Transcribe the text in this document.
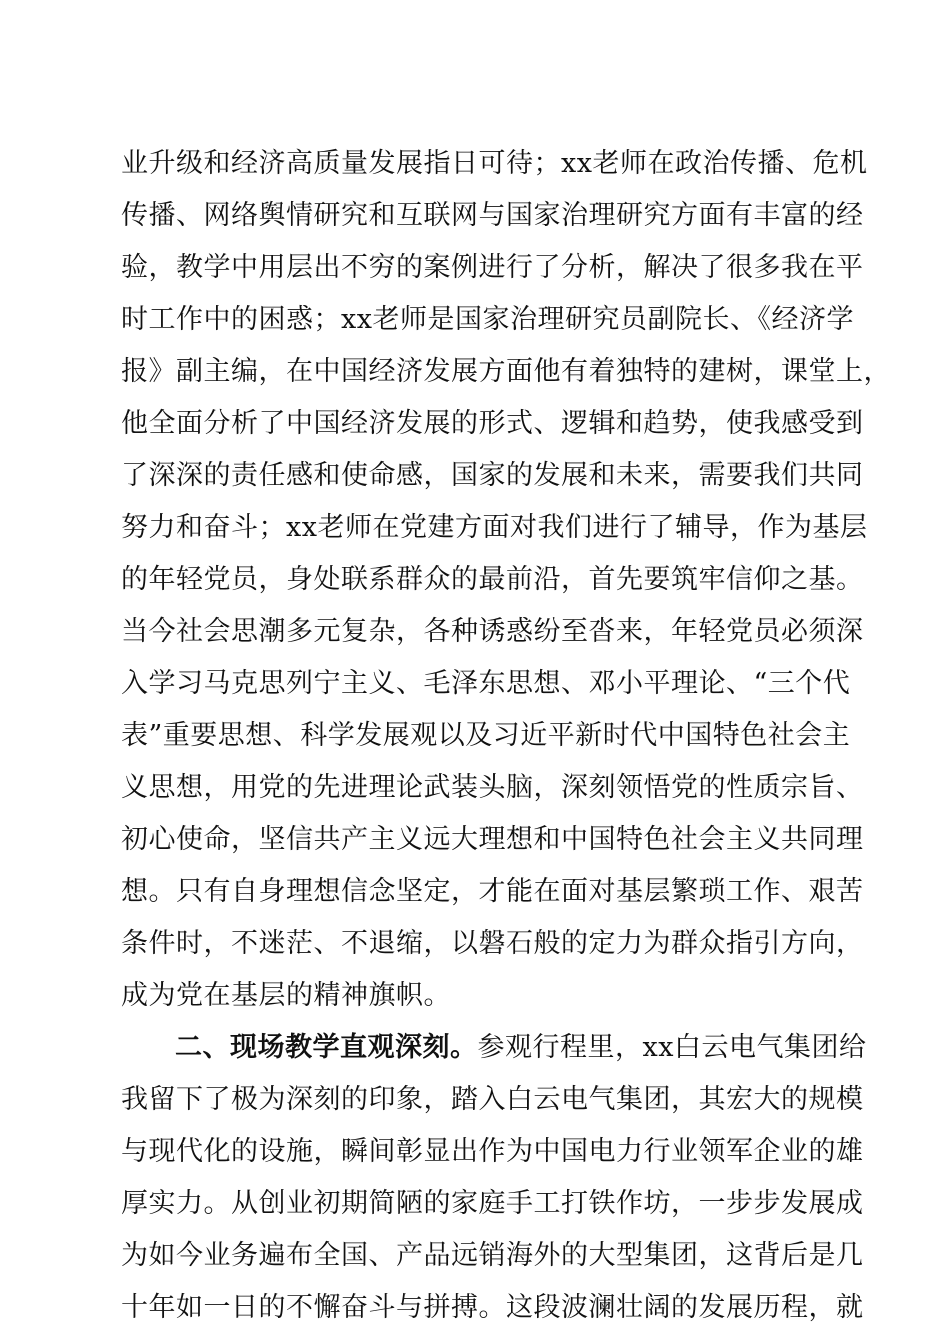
业升级和经济高质量发展指日可待；xx老师在政治传播、危机
传播、网络舆情研究和互联网与国家治理研究方面有丰富的经
验，教学中用层出不穷的案例进行了分析，解决了很多我在平
时工作中的困惑；xx老师是国家治理研究员副院长、《经济学
报》副主编，在中国经济发展方面他有着独特的建树，课堂上，
他全面分析了中国经济发展的形式、逻辑和趋势，使我感受到
了深深的责任感和使命感，国家的发展和未来，需要我们共同
努力和奋斗；xx老师在党建方面对我们进行了辅导，作为基层
的年轻党员，身处联系群众的最前沿，首先要筑牢信仰之基。
当今社会思潮多元复杂，各种诱惑纷至沓来，年轻党员必须深
入学习马克思列宁主义、毛泽东思想、邓小平理论、“三个代
表”重要思想、科学发展观以及习近平新时代中国特色社会主
义思想，用党的先进理论武装头脑，深刻领悟党的性质宗旨、
初心使命，坚信共产主义远大理想和中国特色社会主义共同理
想。只有自身理想信念坚定，才能在面对基层繁琐工作、艰苦
条件时，不迷茫、不退缩，以磐石般的定力为群众指引方向，
成为党在基层的精神旗帜。
二、现场教学直观深刻。参观行程里，xx白云电气集团给
我留下了极为深刻的印象，踏入白云电气集团，其宏大的规模
与现代化的设施，瞬间彰显出作为中国电力行业领军企业的雄
厚实力。从创业初期简陋的家庭手工打铁作坊，一步步发展成
为如今业务遍布全国、产品远销海外的大型集团，这背后是几
十年如一日的不懈奋斗与拼搏。这段波澜壮阔的发展历程，就
